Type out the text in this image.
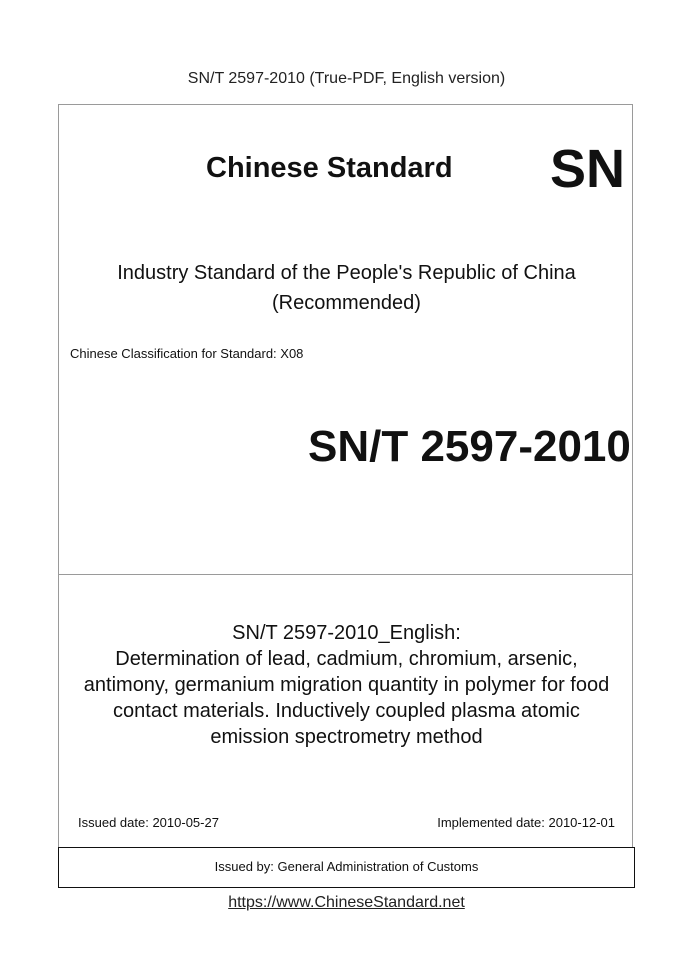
SN/T 2597-2010 (True-PDF, English version)
Chinese Standard SN
Industry Standard of the People's Republic of China
(Recommended)
Chinese Classification for Standard: X08
SN/T 2597-2010
SN/T 2597-2010_English:
Determination of lead, cadmium, chromium, arsenic,
antimony, germanium migration quantity in polymer for food
contact materials. Inductively coupled plasma atomic
emission spectrometry method
Issued date: 2010-05-27	Implemented date: 2010-12-01
Issued by: General Administration of Customs
https://www.ChineseStandard.net
